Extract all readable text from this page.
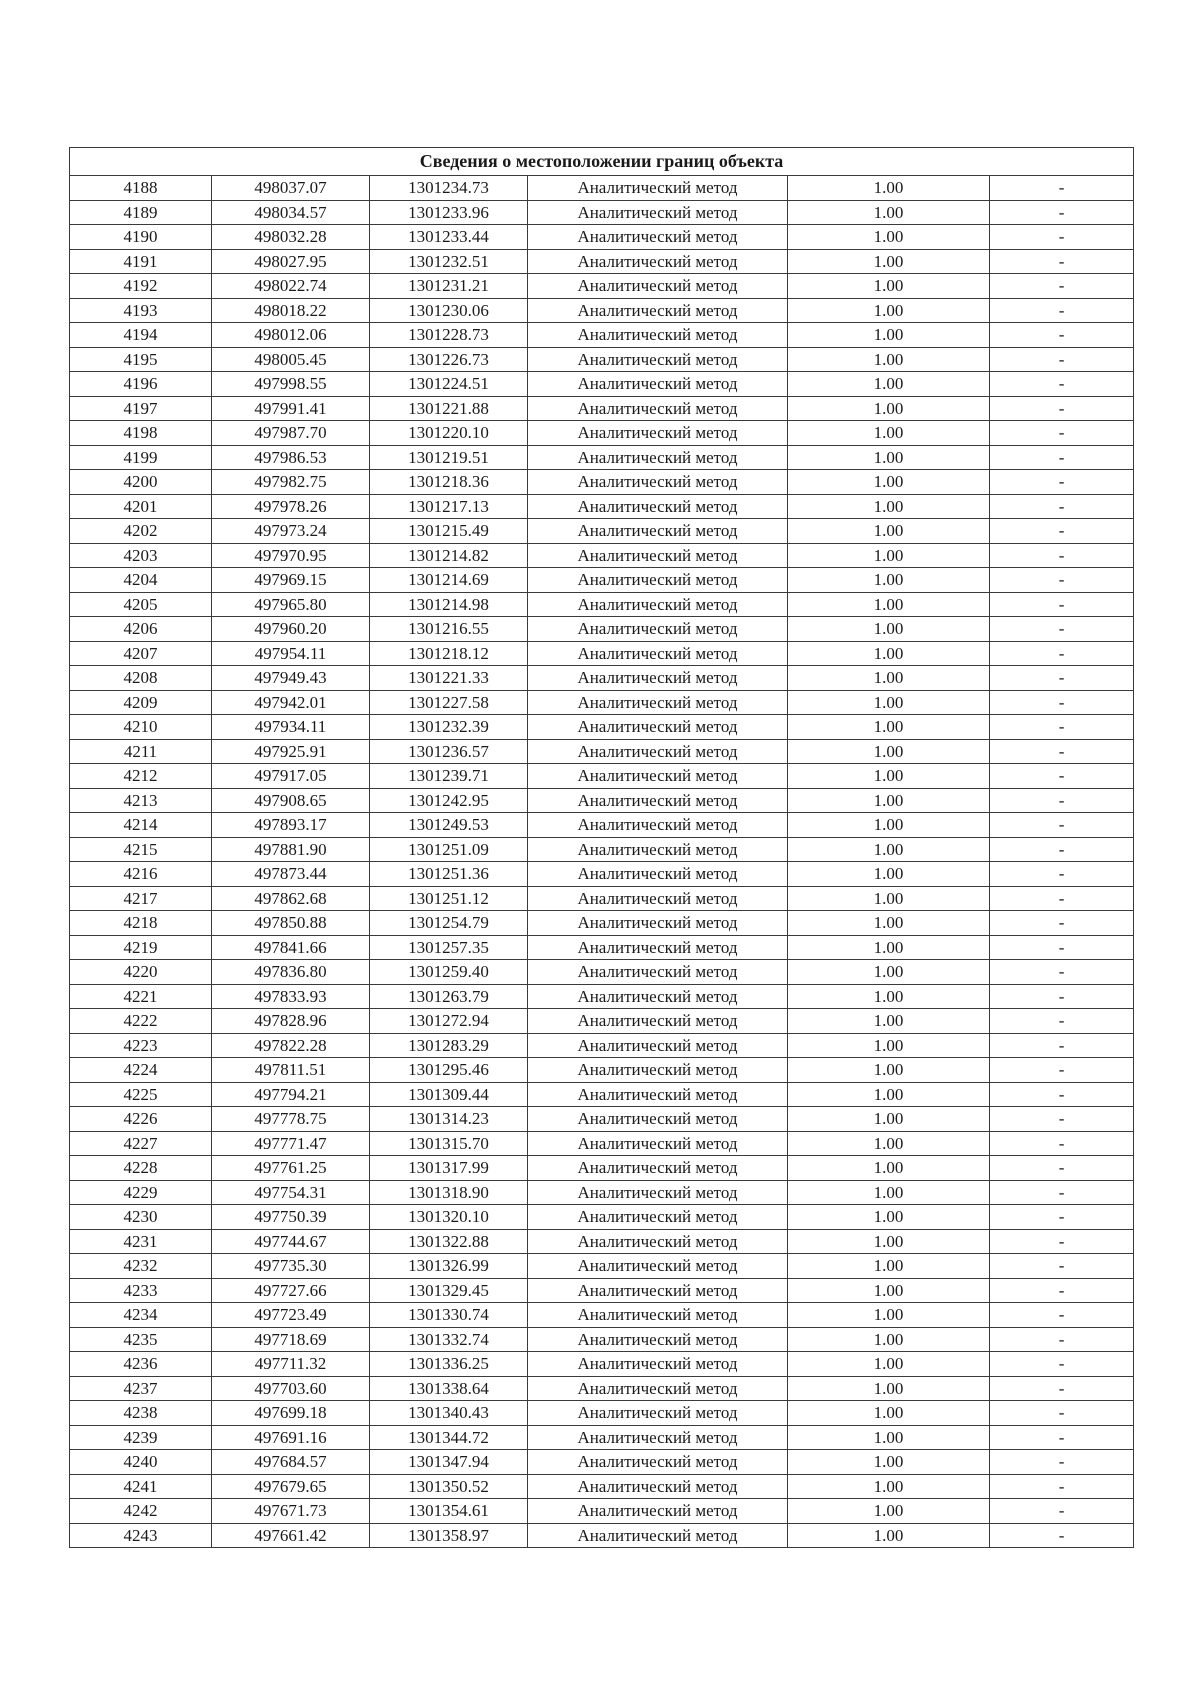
Сведения о местоположении границ объекта					
4188	498037.07	1301234.73	Аналитический метод	1.00	-
4189	498034.57	1301233.96	Аналитический метод	1.00	-
4190	498032.28	1301233.44	Аналитический метод	1.00	-
4191	498027.95	1301232.51	Аналитический метод	1.00	-
4192	498022.74	1301231.21	Аналитический метод	1.00	-
4193	498018.22	1301230.06	Аналитический метод	1.00	-
4194	498012.06	1301228.73	Аналитический метод	1.00	-
4195	498005.45	1301226.73	Аналитический метод	1.00	-
4196	497998.55	1301224.51	Аналитический метод	1.00	-
4197	497991.41	1301221.88	Аналитический метод	1.00	-
4198	497987.70	1301220.10	Аналитический метод	1.00	-
4199	497986.53	1301219.51	Аналитический метод	1.00	-
4200	497982.75	1301218.36	Аналитический метод	1.00	-
4201	497978.26	1301217.13	Аналитический метод	1.00	-
4202	497973.24	1301215.49	Аналитический метод	1.00	-
4203	497970.95	1301214.82	Аналитический метод	1.00	-
4204	497969.15	1301214.69	Аналитический метод	1.00	-
4205	497965.80	1301214.98	Аналитический метод	1.00	-
4206	497960.20	1301216.55	Аналитический метод	1.00	-
4207	497954.11	1301218.12	Аналитический метод	1.00	-
4208	497949.43	1301221.33	Аналитический метод	1.00	-
4209	497942.01	1301227.58	Аналитический метод	1.00	-
4210	497934.11	1301232.39	Аналитический метод	1.00	-
4211	497925.91	1301236.57	Аналитический метод	1.00	-
4212	497917.05	1301239.71	Аналитический метод	1.00	-
4213	497908.65	1301242.95	Аналитический метод	1.00	-
4214	497893.17	1301249.53	Аналитический метод	1.00	-
4215	497881.90	1301251.09	Аналитический метод	1.00	-
4216	497873.44	1301251.36	Аналитический метод	1.00	-
4217	497862.68	1301251.12	Аналитический метод	1.00	-
4218	497850.88	1301254.79	Аналитический метод	1.00	-
4219	497841.66	1301257.35	Аналитический метод	1.00	-
4220	497836.80	1301259.40	Аналитический метод	1.00	-
4221	497833.93	1301263.79	Аналитический метод	1.00	-
4222	497828.96	1301272.94	Аналитический метод	1.00	-
4223	497822.28	1301283.29	Аналитический метод	1.00	-
4224	497811.51	1301295.46	Аналитический метод	1.00	-
4225	497794.21	1301309.44	Аналитический метод	1.00	-
4226	497778.75	1301314.23	Аналитический метод	1.00	-
4227	497771.47	1301315.70	Аналитический метод	1.00	-
4228	497761.25	1301317.99	Аналитический метод	1.00	-
4229	497754.31	1301318.90	Аналитический метод	1.00	-
4230	497750.39	1301320.10	Аналитический метод	1.00	-
4231	497744.67	1301322.88	Аналитический метод	1.00	-
4232	497735.30	1301326.99	Аналитический метод	1.00	-
4233	497727.66	1301329.45	Аналитический метод	1.00	-
4234	497723.49	1301330.74	Аналитический метод	1.00	-
4235	497718.69	1301332.74	Аналитический метод	1.00	-
4236	497711.32	1301336.25	Аналитический метод	1.00	-
4237	497703.60	1301338.64	Аналитический метод	1.00	-
4238	497699.18	1301340.43	Аналитический метод	1.00	-
4239	497691.16	1301344.72	Аналитический метод	1.00	-
4240	497684.57	1301347.94	Аналитический метод	1.00	-
4241	497679.65	1301350.52	Аналитический метод	1.00	-
4242	497671.73	1301354.61	Аналитический метод	1.00	-
4243	497661.42	1301358.97	Аналитический метод	1.00	-
